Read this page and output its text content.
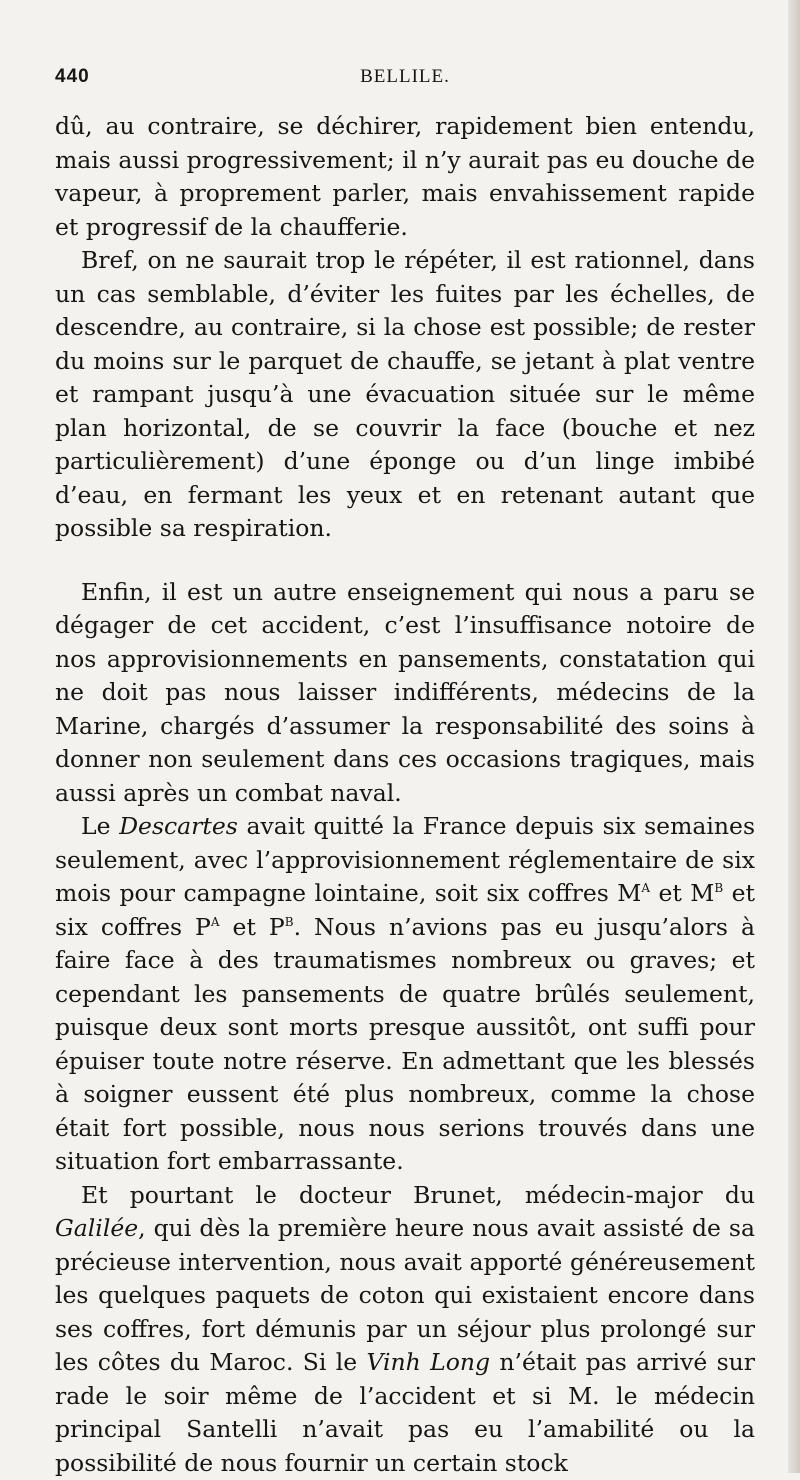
440	BELLILE.

dû, au contraire, se déchirer, rapidement bien entendu, mais aussi progressivement; il n’y aurait pas eu douche de vapeur, à proprement parler, mais envahissement rapide et progressif de la chaufferie.

Bref, on ne saurait trop le répéter, il est rationnel, dans un cas semblable, d’éviter les fuites par les échelles, de descendre, au contraire, si la chose est possible; de rester du moins sur le parquet de chauffe, se jetant à plat ventre et rampant jusqu’à une évacuation située sur le même plan horizontal, de se couvrir la face (bouche et nez particulièrement) d’une éponge ou d’un linge imbibé d’eau, en fermant les yeux et en retenant autant que possible sa respiration.

Enfin, il est un autre enseignement qui nous a paru se dégager de cet accident, c’est l’insuffisance notoire de nos approvisionnements en pansements, constatation qui ne doit pas nous laisser indifférents, médecins de la Marine, chargés d’assumer la responsabilité des soins à donner non seulement dans ces occasions tragiques, mais aussi après un combat naval.

Le Descartes avait quitté la France depuis six semaines seulement, avec l’approvisionnement réglementaire de six mois pour campagne lointaine, soit six coffres $M^A$ et $M^B$ et six coffres $P^A$ et $P^B$. Nous n’avions pas eu jusqu’alors à faire face à des traumatismes nombreux ou graves; et cependant les pansements de quatre brûlés seulement, puisque deux sont morts presque aussitôt, ont suffi pour épuiser toute notre réserve. En admettant que les blessés à soigner eussent été plus nombreux, comme la chose était fort possible, nous nous serions trouvés dans une situation fort embarrassante.

Et pourtant le docteur Brunet, médecin-major du Galilée, qui dès la première heure nous avait assisté de sa précieuse intervention, nous avait apporté généreusement les quelques paquets de coton qui existaient encore dans ses coffres, fort démunis par un séjour plus prolongé sur les côtes du Maroc. Si le Vinh Long n’était pas arrivé sur rade le soir même de l’accident et si M. le médecin principal Santelli n’avait pas eu l’amabilité ou la possibilité de nous fournir un certain stock
